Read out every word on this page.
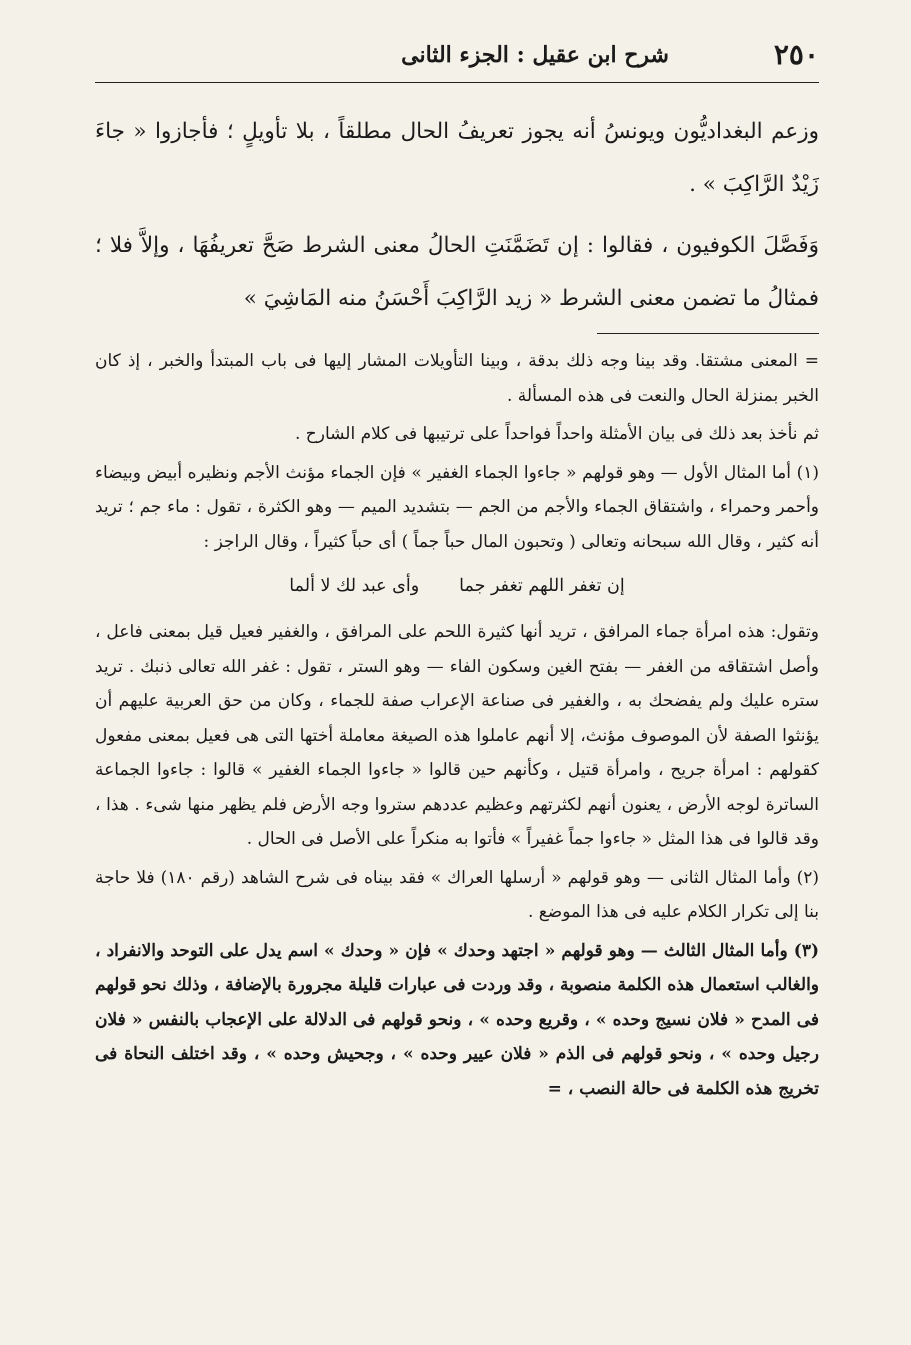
٢٥٠
شرح ابن عقيل : الجزء الثانى

وزعم البغداديُّون ويونسُ أنه يجوز تعريفُ الحال مطلقاً ، بلا تأويلٍ ؛ فأجازوا « جاءَ زَيْدٌ الرَّاكِبَ » .

وَفَصَّلَ الكوفيون ، فقالوا : إن تَضَمَّنَتِ الحالُ معنى الشرط صَحَّ تعريفُهَا ، وإلاَّ فلا ؛ فمثالُ ما تضمن معنى الشرط « زيد الرَّاكِبَ أَحْسَنُ منه المَاشِيَ »

= المعنى مشتقا. وقد بينا وجه ذلك بدقة ، وبينا التأويلات المشار إليها فى باب المبتدأ والخبر ، إذ كان الخبر بمنزلة الحال والنعت فى هذه المسألة .

ثم نأخذ بعد ذلك فى بيان الأمثلة واحداً فواحداً على ترتيبها فى كلام الشارح .

(١) أما المثال الأول — وهو قولهم « جاءوا الجماء الغفير » فإن الجماء مؤنث الأجم ونظيره أبيض وبيضاء وأحمر وحمراء ، واشتقاق الجماء والأجم من الجم — بتشديد الميم — وهو الكثرة ، تقول : ماء جم ؛ تريد أنه كثير ، وقال الله سبحانه وتعالى ( وتحبون المال حباً جماً ) أى حباً كثيراً ، وقال الراجز :

إن تغفر اللهم تغفر جما
وأى عبد لك لا ألما

وتقول: هذه امرأة جماء المرافق ، تريد أنها كثيرة اللحم على المرافق ، والغفير فعيل قيل بمعنى فاعل ، وأصل اشتقاقه من الغفر — بفتح الغين وسكون الفاء — وهو الستر ، تقول : غفر الله تعالى ذنبك . تريد ستره عليك ولم يفضحك به ، والغفير فى صناعة الإعراب صفة للجماء ، وكان من حق العربية عليهم أن يؤنثوا الصفة لأن الموصوف مؤنث، إلا أنهم عاملوا هذه الصيغة معاملة أختها التى هى فعيل بمعنى مفعول كقولهم : امرأة جريح ، وامرأة قتيل ، وكأنهم حين قالوا « جاءوا الجماء الغفير » قالوا : جاءوا الجماعة الساترة لوجه الأرض ، يعنون أنهم لكثرتهم وعظيم عددهم ستروا وجه الأرض فلم يظهر منها شىء . هذا ، وقد قالوا فى هذا المثل « جاءوا جماً غفيراً » فأتوا به منكراً على الأصل فى الحال .

(٢) وأما المثال الثانى — وهو قولهم « أرسلها العراك » فقد بيناه فى شرح الشاهد (رقم ١٨٠) فلا حاجة بنا إلى تكرار الكلام عليه فى هذا الموضع .

(٣) وأما المثال الثالث — وهو قولهم « اجتهد وحدك » فإن « وحدك » اسم يدل على التوحد والانفراد ، والغالب استعمال هذه الكلمة منصوبة ، وقد وردت فى عبارات قليلة مجرورة بالإضافة ، وذلك نحو قولهم فى المدح « فلان نسيج وحده » ، وقريع وحده » ، ونحو قولهم فى الدلالة على الإعجاب بالنفس « فلان رجيل وحده » ، ونحو قولهم فى الذم « فلان عيير وحده » ، وجحيش وحده » ، وقد اختلف النحاة فى تخريج هذه الكلمة فى حالة النصب ، =
